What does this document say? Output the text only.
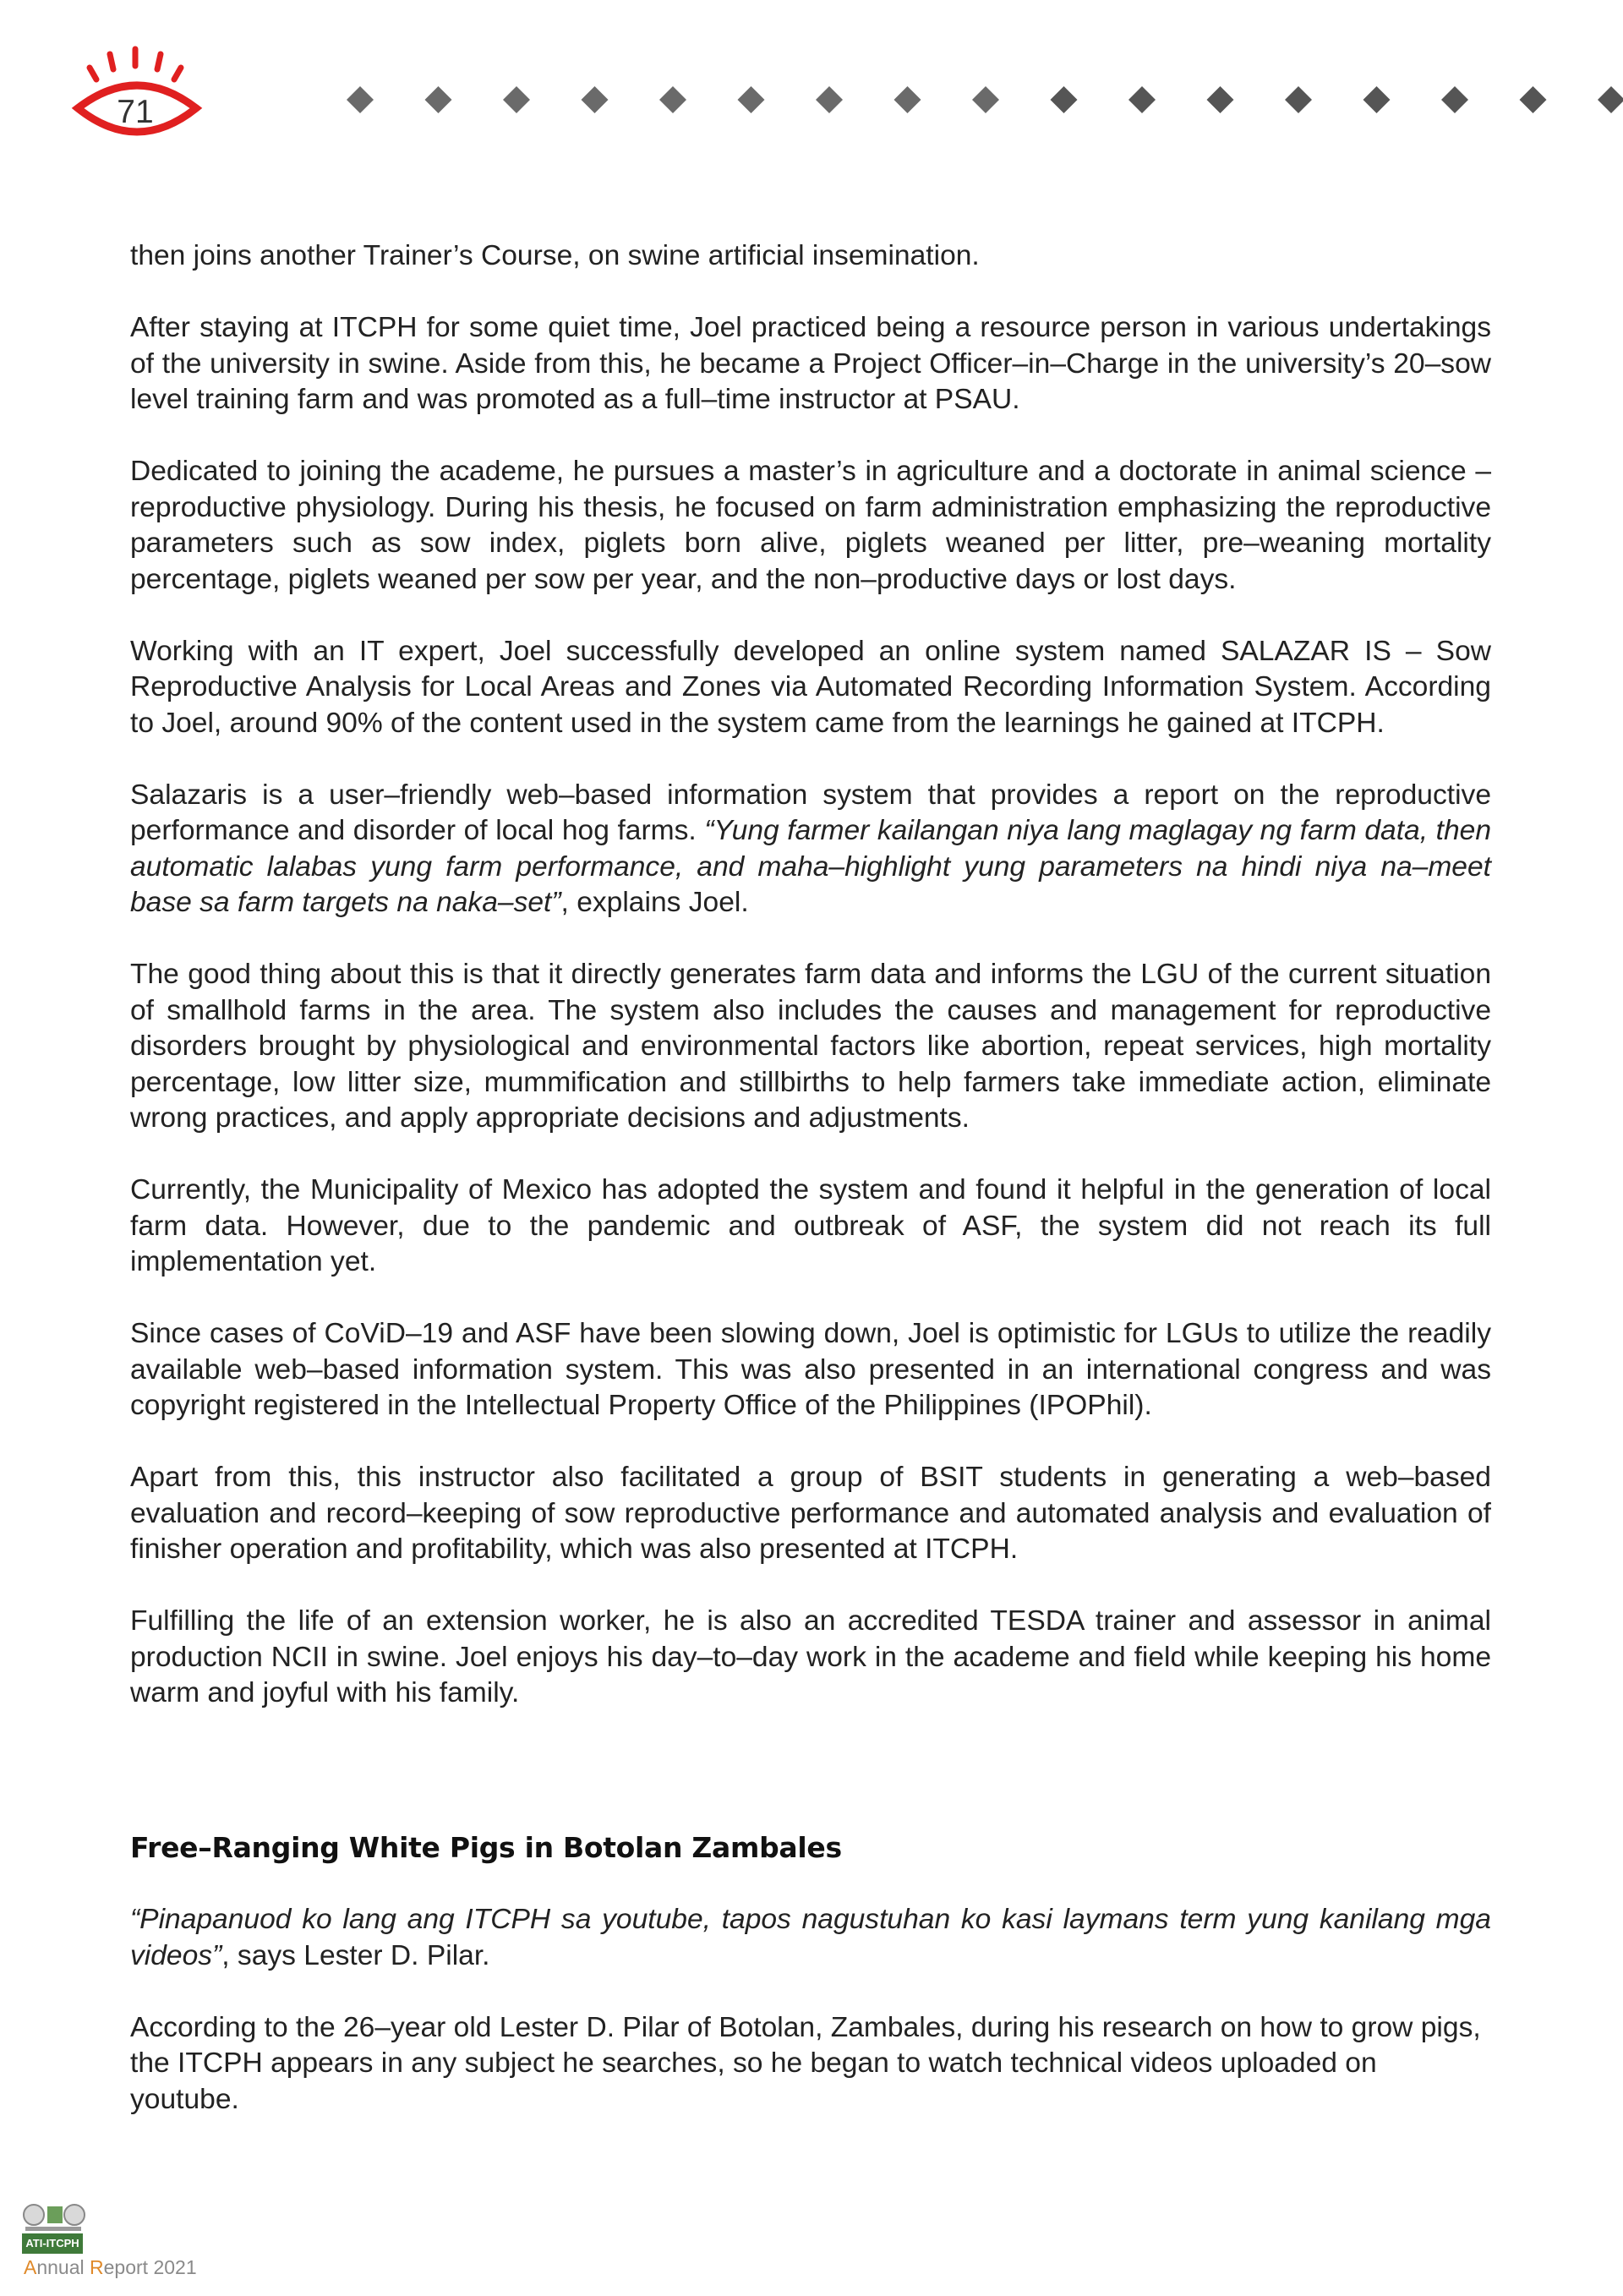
71

then joins another Trainer’s Course, on swine artificial insemination.

After staying at ITCPH for some quiet time, Joel practiced being a resource person in various undertakings of the university in swine. Aside from this, he became a Project Officer–in–Charge in the university’s 20–sow level training farm and was promoted as a full–time instructor at PSAU.

Dedicated to joining the academe, he pursues a master’s in agriculture and a doctorate in animal science – reproductive physiology. During his thesis, he focused on farm administration emphasizing the reproductive parameters such as sow index, piglets born alive, piglets weaned per litter, pre–weaning mortality percentage, piglets weaned per sow per year, and the non–productive days or lost days.

Working with an IT expert, Joel successfully developed an online system named SALAZAR IS – Sow Reproductive Analysis for Local Areas and Zones via Automated Recording Information System. According to Joel, around 90% of the content used in the system came from the learnings he gained at ITCPH.

Salazaris is a user–friendly web–based information system that provides a report on the reproductive performance and disorder of local hog farms. “Yung farmer kailangan niya lang maglagay ng farm data, then automatic lalabas yung farm performance, and maha–highlight yung parameters na hindi niya na–meet base sa farm targets na naka–set”, explains Joel.

The good thing about this is that it directly generates farm data and informs the LGU of the current situation of smallhold farms in the area. The system also includes the causes and management for reproductive disorders brought by physiological and environmental factors like abortion, repeat services, high mortality percentage, low litter size, mummification and stillbirths to help farmers take immediate action, eliminate wrong practices, and apply appropriate decisions and adjustments.

Currently, the Municipality of Mexico has adopted the system and found it helpful in the generation of local farm data. However, due to the pandemic and outbreak of ASF, the system did not reach its full implementation yet.

Since cases of CoViD–19 and ASF have been slowing down, Joel is optimistic for LGUs to utilize the readily available web–based information system. This was also presented in an international congress and was copyright registered in the Intellectual Property Office of the Philippines (IPOPhil).

Apart from this, this instructor also facilitated a group of BSIT students in generating a web–based evaluation and record–keeping of sow reproductive performance and automated analysis and evaluation of finisher operation and profitability, which was also presented at ITCPH.

Fulfilling the life of an extension worker, he is also an accredited TESDA trainer and assessor in animal production NCII in swine. Joel enjoys his day–to–day work in the academe and field while keeping his home warm and joyful with his family.

Free–Ranging White Pigs in Botolan Zambales

“Pinapanuod ko lang ang ITCPH sa youtube, tapos nagustuhan ko kasi laymans term yung kanilang mga videos”, says Lester D. Pilar.

According to the 26–year old Lester D. Pilar of Botolan, Zambales, during his research on how to grow pigs, the ITCPH appears in any subject he searches, so he began to watch technical videos uploaded on youtube.

ATI-ITCPH
Annual Report 2021
